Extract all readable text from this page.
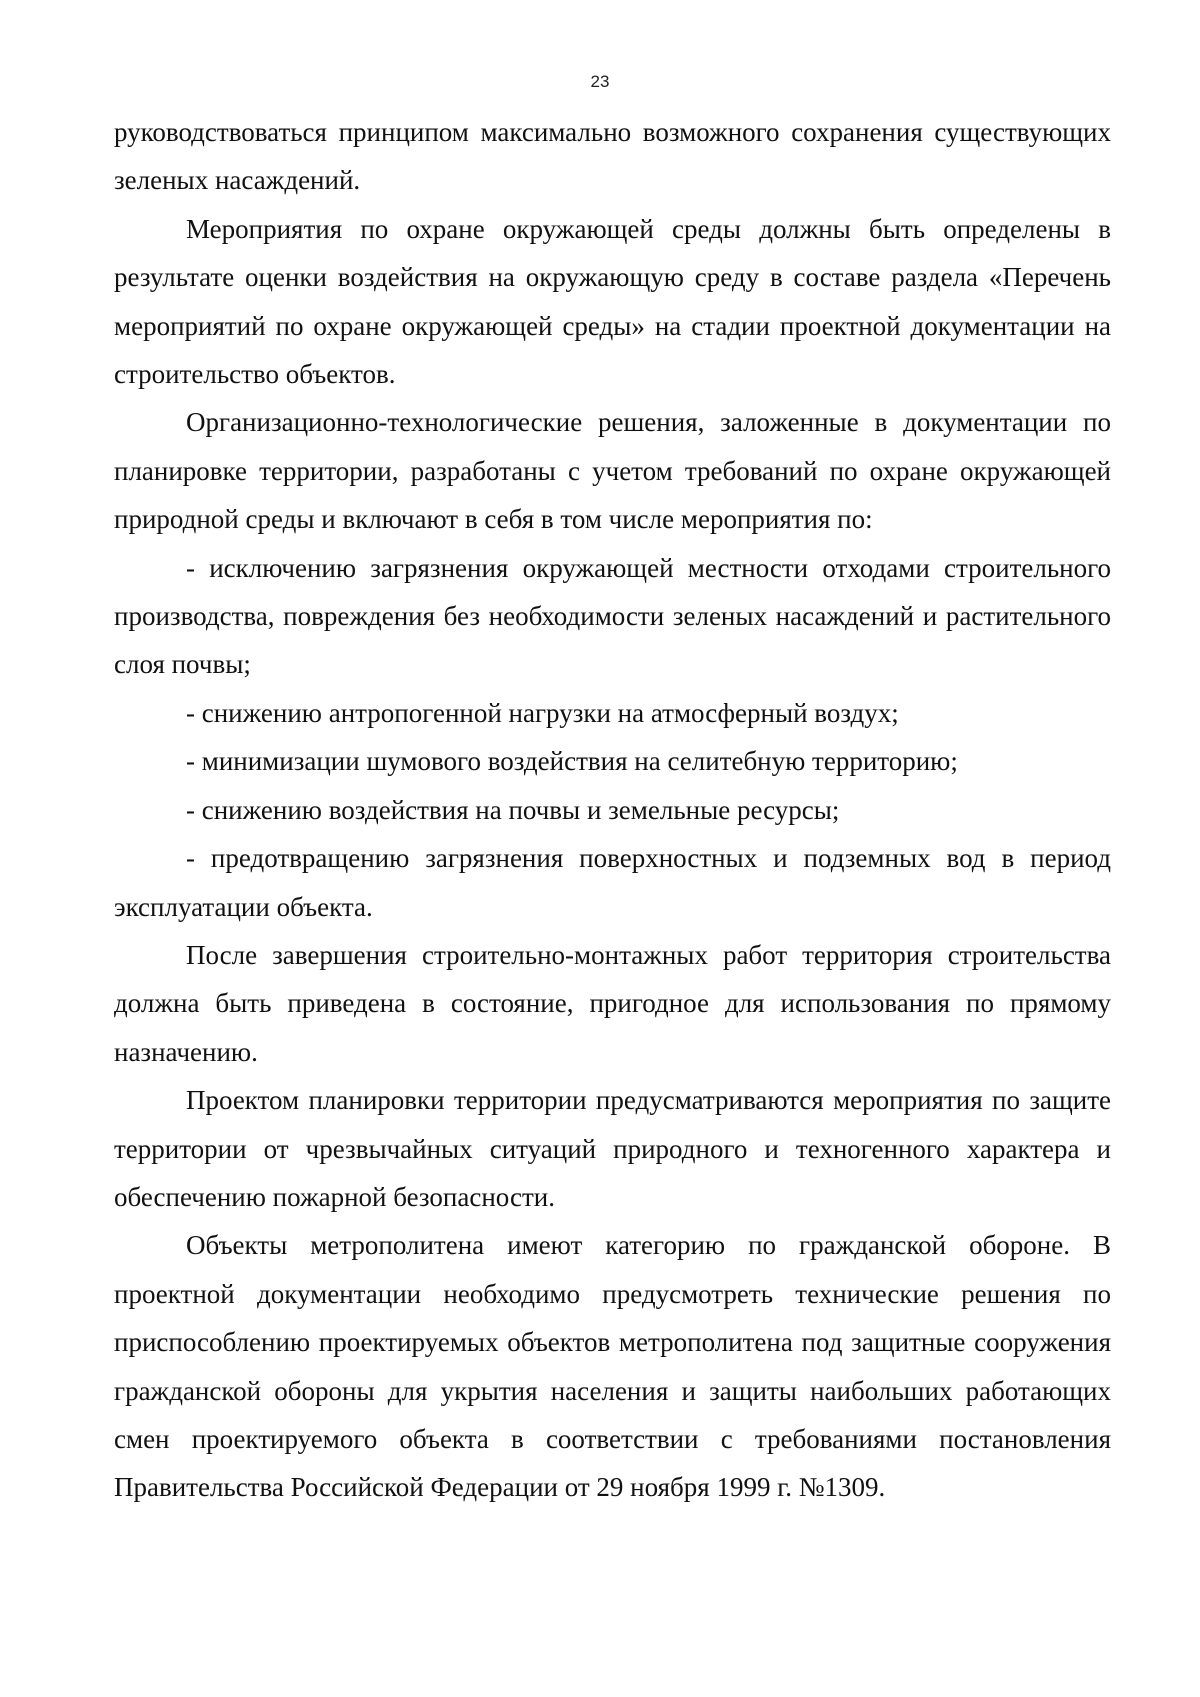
23

руководствоваться принципом максимально возможного сохранения существующих зеленых насаждений.

Мероприятия по охране окружающей среды должны быть определены в результате оценки воздействия на окружающую среду в составе раздела «Перечень мероприятий по охране окружающей среды» на стадии проектной документации на строительство объектов.

Организационно-технологические решения, заложенные в документации по планировке территории, разработаны с учетом требований по охране окружающей природной среды и включают в себя в том числе мероприятия по:

- исключению загрязнения окружающей местности отходами строительного производства, повреждения без необходимости зеленых насаждений и растительного слоя почвы;

- снижению антропогенной нагрузки на атмосферный воздух;

- минимизации шумового воздействия на селитебную территорию;

- снижению воздействия на почвы и земельные ресурсы;

- предотвращению загрязнения поверхностных и подземных вод в период эксплуатации объекта.

После завершения строительно-монтажных работ территория строительства должна быть приведена в состояние, пригодное для использования по прямому назначению.

Проектом планировки территории предусматриваются мероприятия по защите территории от чрезвычайных ситуаций природного и техногенного характера и обеспечению пожарной безопасности.

Объекты метрополитена имеют категорию по гражданской обороне. В проектной документации необходимо предусмотреть технические решения по приспособлению проектируемых объектов метрополитена под защитные сооружения гражданской обороны для укрытия населения и защиты наибольших работающих смен проектируемого объекта в соответствии с требованиями постановления Правительства Российской Федерации от 29 ноября 1999 г. №1309.
